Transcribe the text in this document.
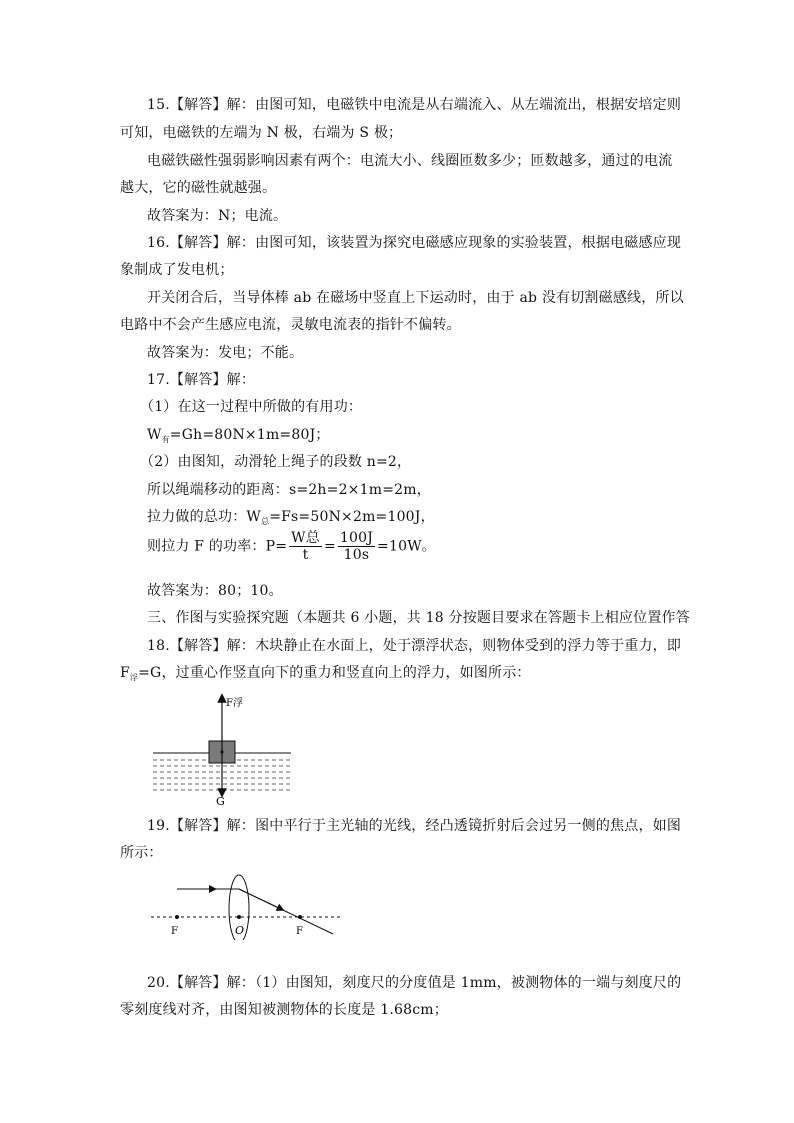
15.【解答】解：由图可知，电磁铁中电流是从右端流入、从左端流出，根据安培定则
可知，电磁铁的左端为 N 极，右端为 S 极；
电磁铁磁性强弱影响因素有两个：电流大小、线圈匝数多少；匝数越多，通过的电流
越大，它的磁性就越强。
故答案为：N；电流。
16.【解答】解：由图可知，该装置为探究电磁感应现象的实验装置，根据电磁感应现
象制成了发电机；
开关闭合后，当导体棒 ab 在磁场中竖直上下运动时，由于 ab 没有切割磁感线，所以
电路中不会产生感应电流，灵敏电流表的指针不偏转。
故答案为：发电；不能。
17.【解答】解：
（1）在这一过程中所做的有用功：
$W_有=Gh=80N\times 1m=80J$；
（2）由图知，动滑轮上绳子的段数 n=2，
所以绳端移动的距离：s=2h=2×1m=2m，
拉力做的总功：$W_总=Fs=50N\times 2m=100J$，
则拉力 F 的功率：$P= \frac{\text{W总}}{t} = \frac{100J}{10s} =10W$。
故答案为：80；10。
三、作图与实验探究题（本题共 6 小题，共 18 分按题目要求在答题卡上相应位置作答
18.【解答】解：木块静止在水面上，处于漂浮状态，则物体受到的浮力等于重力，即
$F_浮=G$，过重心作竖直向下的重力和竖直向上的浮力，如图所示：
F浮
G
19.【解答】解：图中平行于主光轴的光线，经凸透镜折射后会过另一侧的焦点，如图
所示：
F	O	F
20.【解答】解：（1）由图知，刻度尺的分度值是 1mm，被测物体的一端与刻度尺的
零刻度线对齐，由图知被测物体的长度是 1.68cm；
